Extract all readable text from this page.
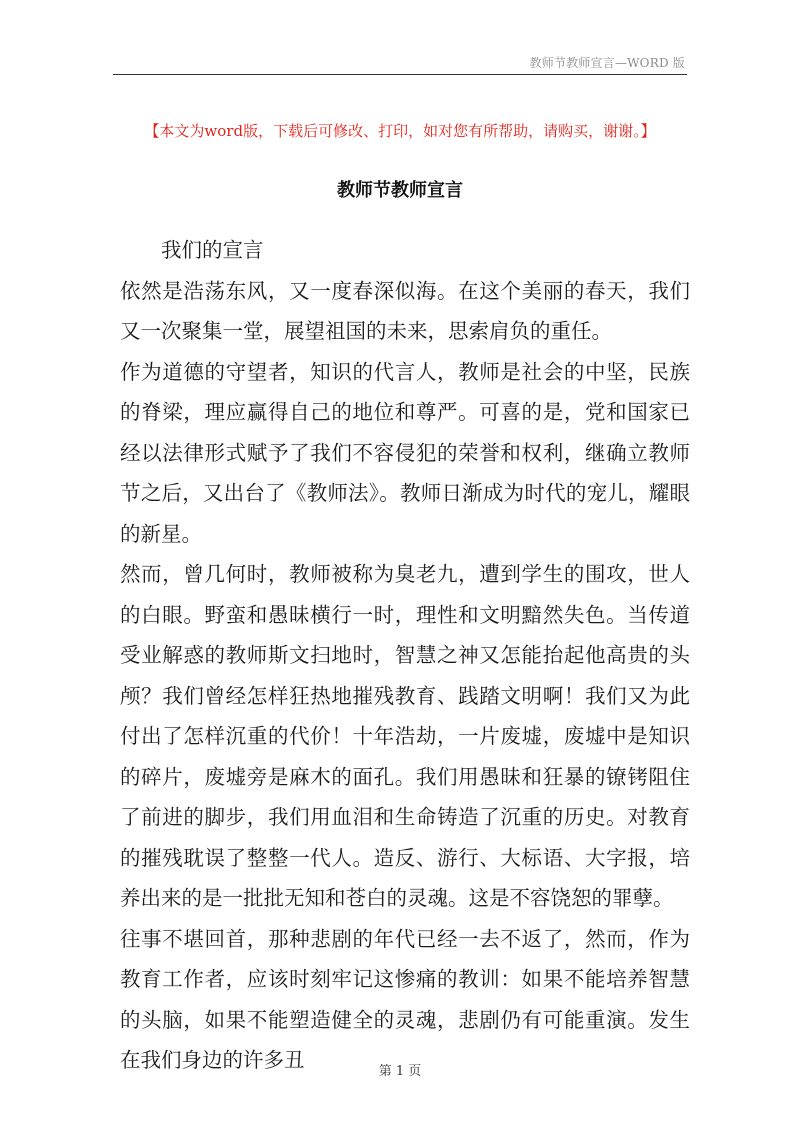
教师节教师宣言—WORD 版
【本文为word版，下载后可修改、打印，如对您有所帮助，请购买，谢谢。】
教师节教师宣言

我们的宣言

依然是浩荡东风，又一度春深似海。在这个美丽的春天，我们又一次聚集一堂，展望祖国的未来，思索肩负的重任。

作为道德的守望者，知识的代言人，教师是社会的中坚，民族的脊梁，理应赢得自己的地位和尊严。可喜的是，党和国家已经以法律形式赋予了我们不容侵犯的荣誉和权利，继确立教师节之后，又出台了《教师法》。教师日渐成为时代的宠儿，耀眼的新星。

然而，曾几何时，教师被称为臭老九，遭到学生的围攻，世人的白眼。野蛮和愚昧横行一时，理性和文明黯然失色。当传道受业解惑的教师斯文扫地时，智慧之神又怎能抬起他高贵的头颅？我们曾经怎样狂热地摧残教育、践踏文明啊！我们又为此付出了怎样沉重的代价！十年浩劫，一片废墟，废墟中是知识的碎片，废墟旁是麻木的面孔。我们用愚昧和狂暴的镣铐阻住了前进的脚步，我们用血泪和生命铸造了沉重的历史。对教育的摧残耽误了整整一代人。造反、游行、大标语、大字报，培养出来的是一批批无知和苍白的灵魂。这是不容饶恕的罪孽。

往事不堪回首，那种悲剧的年代已经一去不返了，然而，作为教育工作者，应该时刻牢记这惨痛的教训：如果不能培养智慧的头脑，如果不能塑造健全的灵魂，悲剧仍有可能重演。发生在我们身边的许多丑	第 1 页
